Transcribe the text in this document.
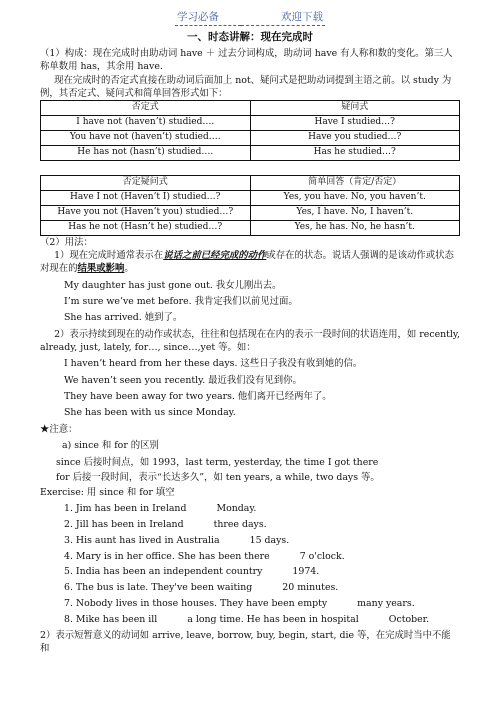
学习必备	欢迎下载
一、时态讲解：现在完成时

（1）构成：现在完成时由助动词 have ＋ 过去分词构成，助动词 have 有人称和数的变化。第三人称单数用 has，其余用 have.

现在完成时的否定式直接在助动词后面加上 not、疑问式是把助动词提到主语之前。以 study 为例，其否定式、疑问式和简单回答形式如下：

否定式	疑问式
I have not (haven’t) studied….	Have I studied…?
You have not (haven’t) studied….	Have you studied…?
He has not (hasn’t) studied….	Has he studied…?
否定疑问式	简单回答（肯定/否定）
Have I not (Haven’t I) studied…?	Yes, you have. No, you haven’t.
Have you not (Haven’t you) studied…?	Yes, I have. No, I haven’t.
Has he not (Hasn’t he) studied…?	Yes, he has. No, he hasn’t.

（2）用法：

1）现在完成时通常表示在说话之前已经完成的动作或存在的状态。说话人强调的是该动作或状态对现在的结果或影响。

My daughter has just gone out. 我女儿刚出去。

I’m sure we’ve met before. 我肯定我们以前见过面。

She has arrived. 她到了。

2）表示持续到现在的动作或状态，往往和包括现在在内的表示一段时间的状语连用，如 recently, already, just, lately, for…, since…,yet 等。如：

I haven’t heard from her these days. 这些日子我没有收到她的信。

We haven’t seen you recently. 最近我们没有见到你。

They have been away for two years. 他们离开已经两年了。

She has been with us since Monday.

★注意：

a) since 和 for 的区别

since 后接时间点，如 1993，last term, yesterday, the time I got there

for 后接一段时间，表示“长达多久”，如 ten years, a while, two days 等。

Exercise: 用 since 和 for 填空

1. Jim has been in Ireland	Monday.

2. Jill has been in Ireland	three days.

3. His aunt has lived in Australia	15 days.

4. Mary is in her office. She has been there	7 o'clock.

5. India has been an independent country	1974.

6. The bus is late. They've been waiting	20 minutes.

7. Nobody lives in those houses. They have been empty	many years.

8. Mike has been ill	a long time. He has been in hospital	October.

2）表示短暂意义的动词如 arrive, leave, borrow, buy, begin, start, die 等，在完成时当中不能和
